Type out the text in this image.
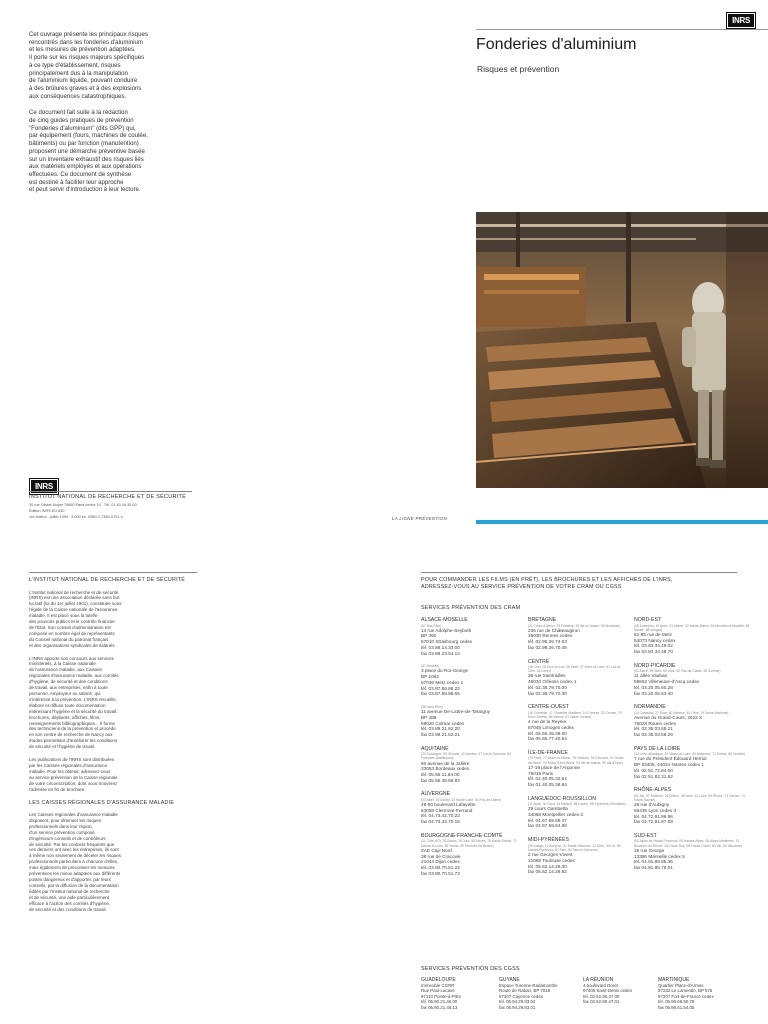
Cet ouvrage présente les principaux risques
rencontrés dans les fonderies d'aluminium
et les mesures de prévention adaptées.
Il porte sur les risques majeurs spécifiques
à ce type d'établissement, risques
principalement dus à la manipulation
de l'aluminium liquide, pouvant conduire
à des brûlures graves et à des explosions
aux conséquences catastrophiques.

Ce document fait suite à la rédaction
de cinq guides pratiques de prévention
"Fonderies d'aluminium" (dits GPP) qui,
par équipement (fours, machines de coulée,
bâtiments) ou par fonction (manutention)
proposent une démarche préventive basée
sur un inventaire exhaustif des risques liés
aux matériels employés et aux opérations
effectuées. Ce document de synthèse
est destiné à faciliter leur approche
et peut servir d'introduction à leur lecture.

INRS
Fonderies d'aluminium
Risques et prévention
INRS
INSTITUT NATIONAL DE RECHERCHE ET DE SÉCURITÉ
30 rue Olivier-Noyer 75680 Paris cedex 14 . Tél. 01 40 44 30 00
Édition INRS ED 830
1re édition . juillet 1999 . 5 000 ex. ISBN 2-7389-0791-4	LA LIGNE PRÉVENTION
L'INSTITUT NATIONAL DE RECHERCHE ET DE SÉCURITÉ

L'Institut national de recherche et de sécurité
(INRS) est une association déclarée sans but
lucratif (loi du 1er juillet 1901), constituée sous
l'égide de la Caisse nationale de l'assurance
maladie. Il est placé sous la tutelle
des pouvoirs publics et le contrôle financier
de l'État. Son conseil d'administration est
composé en nombre égal de représentants
du Conseil national du patronat français
et des organisations syndicales de salariés.

L'INRS apporte son concours aux services
ministériels, à la Caisse nationale
de l'assurance maladie, aux Caisses
régionales d'assurance maladie, aux comités
d'hygiène, de sécurité et des conditions
de travail, aux entreprises, enfin à toute
personne, employeur ou salarié, qui
s'intéresse à la prévention. L'INRS recueille,
élabore et diffuse toute documentation
intéressant l'hygiène et la sécurité du travail :
brochures, dépliants, affiches, films,
renseignements bibliographiques... Il forme
des techniciens de la prévention et procède
en son centre de recherche de Nancy aux
études permettant d'améliorer les conditions
de sécurité et l'hygiène de travail.

Les publications de l'INRS sont distribuées
par les Caisses régionales d'assurance
maladie. Pour les obtenir, adressez-vous
au service prévention de la Caisse régionale
de votre circonscription, dont vous trouverez
l'adresse en fin de brochure.

LES CAISSES RÉGIONALES D'ASSURANCE MALADIE

Les Caisses régionales d'assurance maladie
disposent, pour diminuer les risques
professionnels dans leur région,
d'un service prévention composé
d'ingénieurs-conseils et de contrôleurs
de sécurité. Par les contacts fréquents que
ces derniers ont avec les entreprises, ils sont
à même non seulement de déceler les risques
professionnels particuliers à chacune d'elles,
mais également de préconiser les mesures
préventives les mieux adaptées aux différents
postes dangereux et d'apporter, par leurs
conseils, par la diffusion de la documentation
édités par l'Institut national de recherche
et de sécurité, une aide particulièrement
efficace à l'action des comités d'hygiène,
de sécurité et des conditions de travail.

POUR COMMANDER LES FILMS (EN PRÊT), LES BROCHURES ET LES AFFICHES DE L'INRS,
ADRESSEZ-VOUS AU SERVICE PRÉVENTION DE VOTRE CRAM OU CGSS
SERVICES PRÉVENTION DES CRAM
ALSACE-MOSELLE
(67 Bas-Rhin)
14 rue Adolphe-Seyboth
BP 392
67010 Strasbourg cedex
tél. 03.88.14.33.00
fax 03.88.23.54.13
(57 Moselle)
3 place du Roi-George
BP 1062
57036 Metz cedex 1
tél. 03.87.66.86.22
fax 03.87.55.98.65
(68 Haut-Rhin)
11 avenue De-Lattre-de-Tassigny
BP 488
68020 Colmar cedex
tél. 03.89.21.62.20
fax 03.89.21.62.21
AQUITAINE
(24 Dordogne, 33 Gironde, 40 Landes, 47 Lot-et-Garonne, 64 Pyrénées-Atlantiques)
80 avenue de la Jallère
33053 Bordeaux cedex
tél. 05.56.11.64.00
fax 05.56.39.55.93
AUVERGNE
(03 Allier, 15 Cantal, 43 Haute-Loire, 63 Puy-de-Dôme)
48-50 boulevard Lafayette
63058 Clermont-Ferrand
tél. 04.73.42.70.22
fax 04.73.42.70.15
BOURGOGNE-FRANCHE-COMTÉ
(21 Côte-d'Or, 25 Doubs, 39 Jura, 58 Nièvre, 70 Haute-Saône, 71 Saône-et-Loire, 89 Yonne, 90 Territoire de Belfort)
ZAE Cap-Nord
38 rue de Cracovie
21044 Dijon cedex
tél. 03.80.70.51.22
fax 03.80.70.51.73
BRETAGNE
(22 Côtes-d'Armor, 29 Finistère, 35 Ille-et-Vilaine, 56 Morbihan)
236 rue de Châteaugiron
35030 Rennes cedex
tél. 02.99.26.74.63
fax 02.99.26.70.48
CENTRE
(18 Cher, 28 Eure-et-Loir, 36 Indre, 37 Indre-et-Loire, 41 Loir-et-Cher, 45 Loiret)
36 rue Xaintrailles
45033 Orléans cedex 1
tél. 02.38.79.70.00
fax 02.38.79.70.30
CENTRE-OUEST
(16 Charente, 17 Charente-Maritime, 19 Corrèze, 23 Creuse, 79 Deux-Sèvres, 86 Vienne, 87 Haute-Vienne)
4 rue de la Reynie
87048 Limoges cedex
tél. 05.55.45.39.00
fax 05.55.77.40.64
ÎLE-DE-FRANCE
(75 Paris, 77 Seine-et-Marne, 78 Yvelines, 91 Essonne, 92 Hauts-de-Seine, 93 Seine-Saint-Denis, 94 Val-de-Marne, 95 Val-d'Oise)
17-19 place de l'Argonne
75019 Paris
tél. 01.40.05.32.64
fax 01.40.05.38.84
LANGUEDOC-ROUSSILLON
(11 Aude, 30 Gard, 34 Hérault, 48 Lozère, 66 Pyrénées-Orientales)
29 cours Gambetta
34068 Montpellier cedex 2
tél. 04.67.69.69.47
fax 04.67.69.64.98
MIDI-PYRÉNÉES
(09 Ariège, 12 Aveyron, 31 Haute-Garonne, 32 Gers, 46 Lot, 65 Hautes-Pyrénées, 81 Tarn, 82 Tarn-et-Garonne)
2 rue Georges-Vivent
31065 Toulouse cedex
tél. 05.62.14.29.30
fax 05.62.14.26.92
NORD-EST
(08 Ardennes, 10 Aube, 51 Marne, 52 Haute-Marne, 54 Meurthe-et-Moselle, 55 Meuse, 88 Vosges)
81-85 rue de Metz
54073 Nancy cedex
tél. 03.83.34.49.02
fax 03.83.34.48.70
NORD-PICARDIE
(02 Aisne, 59 Nord, 60 Oise, 62 Pas-de-Calais, 80 Somme)
11 allée Vauban
59662 Villeneuve-d'Ascq cedex
tél. 03.20.05.60.28
fax 03.20.05.63.40
NORMANDIE
(14 Calvados, 27 Eure, 50 Manche, 61 Orne, 76 Seine-Maritime)
Avenue du Grand-Cours, 2022 X
76028 Rouen cedex
tél. 02.35.03.58.21
fax 02.35.03.58.29
PAYS DE LA LOIRE
(44 Loire-Atlantique, 49 Maine-et-Loire, 53 Mayenne, 72 Sarthe, 85 Vendée)
7 rue du Président Édouard Herriot
BP 93405, 44034 Nantes cedex 1
tél. 02.51.72.84.00
fax 02.51.82.31.62
RHÔNE-ALPES
(01 Ain, 07 Ardèche, 26 Drôme, 38 Isère, 42 Loire, 69 Rhône, 73 Savoie, 74 Haute-Savoie)
26 rue d'Aubigny
69436 Lyon cedex 3
tél. 04.72.91.96.96
fax 04.72.91.97.09
SUD-EST
(04 Alpes-de-Haute-Provence, 05 Hautes-Alpes, 06 Alpes-Maritimes, 13 Bouches-du-Rhône, 2A Corse Sud, 2B Haute-Corse, 83 Var, 84 Vaucluse)
35 rue George
13386 Marseille cedex 5
tél. 04.91.85.85.36
fax 04.91.85.79.01
SERVICES PRÉVENTION DES CGSS
GUADELOUPE
Immeuble CGRR
Rue Paul-Lacavé
97110 Pointe-à-Pitre
tél. 05.90.21.46.00
fax 05.90.21.46.13
GUYANE
Espace Turenne-Radamonthe
Route de Raban, BP 7015
97307 Cayenne cedex
tél. 05.94.29.83.04
fax 05.94.29.83.01
LA RÉUNION
4 boulevard Doret
97405 Saint-Denis cedex
tél. 02.62.90.47.00
fax 02.62.90.47.01
MARTINIQUE
Quartier Place-d'Armes
97232 Le Lamentin, BP 576
97207 Fort-de-France cedex
tél. 05.96.66.50.79
fax 05.96.51.54.00
